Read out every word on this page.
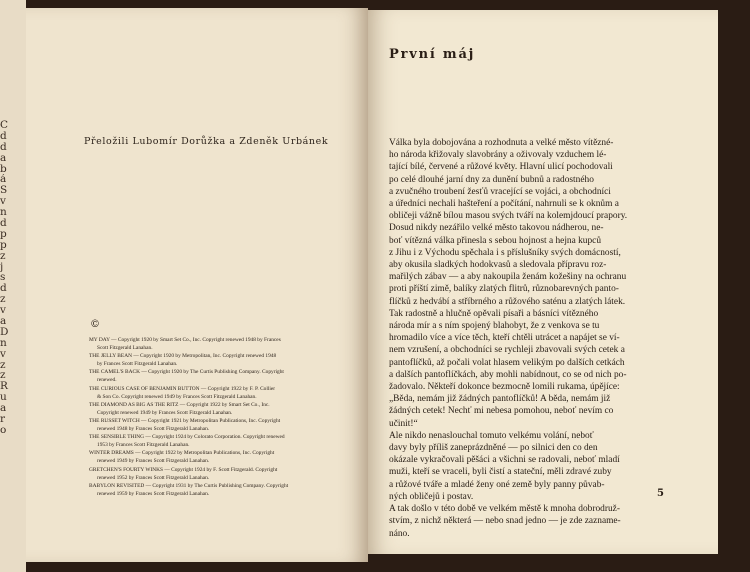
C
d
d
a
b
á
S
v
n
d
p
p
z
j
s
d
z
v
a
D
n
v
z
z
R
u
a
r
o
Přeložili Lubomír Dorůžka a Zdeněk Urbánek
©
MY DAY — Copyright 1920 by Smart Set Co., Inc. Copyright renewed 1948 by Frances
Scott Fitzgerald Lanahan.
THE JELLY BEAN — Copyright 1920 by Metropolitan, Inc. Copyright renewed 1948
by Frances Scott Fitzgerald Lanahan.
THE CAMEL'S BACK — Copyright 1920 by The Curtis Publishing Company. Copyright
renewed.
THE CURIOUS CASE OF BENJAMIN BUTTON — Copyright 1922 by F. P. Collier
& Son Co. Copyright renewed 1949 by Frances Scott Fitzgerald Lanahan.
THE DIAMOND AS BIG AS THE RITZ — Copyright 1922 by Smart Set Co., Inc.
Copyright renewed 1949 by Frances Scott Fitzgerald Lanahan.
THE RUSSET WITCH — Copyright 1921 by Metropolitan Publications, Inc. Copyright
renewed 1948 by Frances Scott Fitzgerald Lanahan.
THE SENSIBLE THING — Copyright 1924 by Colorato Corporation. Copyright renewed
1953 by Frances Scott Fitzgerald Lanahan.
WINTER DREAMS — Copyright 1922 by Metropolitan Publications, Inc. Copyright
renewed 1949 by Frances Scott Fitzgerald Lanahan.
GRETCHEN'S FOURTY WINKS — Copyright 1924 by F. Scott Fitzgerald. Copyright
renewed 1952 by Frances Scott Fitzgerald Lanahan.
BABYLON REVISITED — Copyright 1931 by The Curtis Publishing Company. Copyright
renewed 1959 by Frances Scott Fitzgerald Lanahan.
První máj
Válka byla dobojována a rozhodnuta a velké město vítězné-
ho národa křižovaly slavobrány a oživovaly vzduchem lé-
tající bílé, červené a růžové květy. Hlavní ulicí pochodovali
po celé dlouhé jarní dny za dunění bubnů a radostného
a zvučného troubení žesťů vracející se vojáci, a obchodníci
a úředníci nechali hašteření a počítání, nahrnuli se k oknům a
obličeji vážně bílou masou svých tváří na kolemjdoucí prapory.
Dosud nikdy nezářilo velké město takovou nádherou, ne-
boť vítězná válka přinesla s sebou hojnost a hejna kupců
z Jihu i z Východu spěchala i s příslušníky svých domácností,
aby okusila sladkých hodokvasů a sledovala přípravu roz-
mařilých zábav — a aby nakoupila ženám kožešiny na ochranu
proti příští zimě, balíky zlatých flitrů, různobarevných panto-
flíčků z hedvábí a stříbrného a růžového saténu a zlatých látek.
Tak radostně a hlučně opěvali písaři a básníci vítězného
národa mír a s ním spojený blahobyt, že z venkova se tu
hromadilo více a více těch, kteří chtěli utrácet a napájet se ví-
nem vzrušení, a obchodníci se rychleji zbavovali svých cetek a
pantoflíčků, až počali volat hlasem velikým po dalších cetkách
a dalších pantoflíčkách, aby mohli nabídnout, co se od nich po-
žadovalo. Někteří dokonce bezmocně lomili rukama, úpějíce:
„Běda, nemám již žádných pantoflíčků! A běda, nemám již
žádných cetek! Nechť mi nebesa pomohou, neboť nevím co
učinit!“
Ale nikdo nenaslouchal tomuto velkému volání, neboť
davy byly příliš zaneprázdněné — po silnici den co den
okázale vykračovali pěšáci a všichni se radovali, neboť mladí
muži, kteří se vraceli, byli čistí a stateční, měli zdravé zuby
a růžové tváře a mladé ženy oné země byly panny půvab-
ných obličejů i postav.
A tak došlo v této době ve velkém městě k mnoha dobrodruž-
stvím, z nichž některá — nebo snad jedno — je zde zazname-
náno.
5
